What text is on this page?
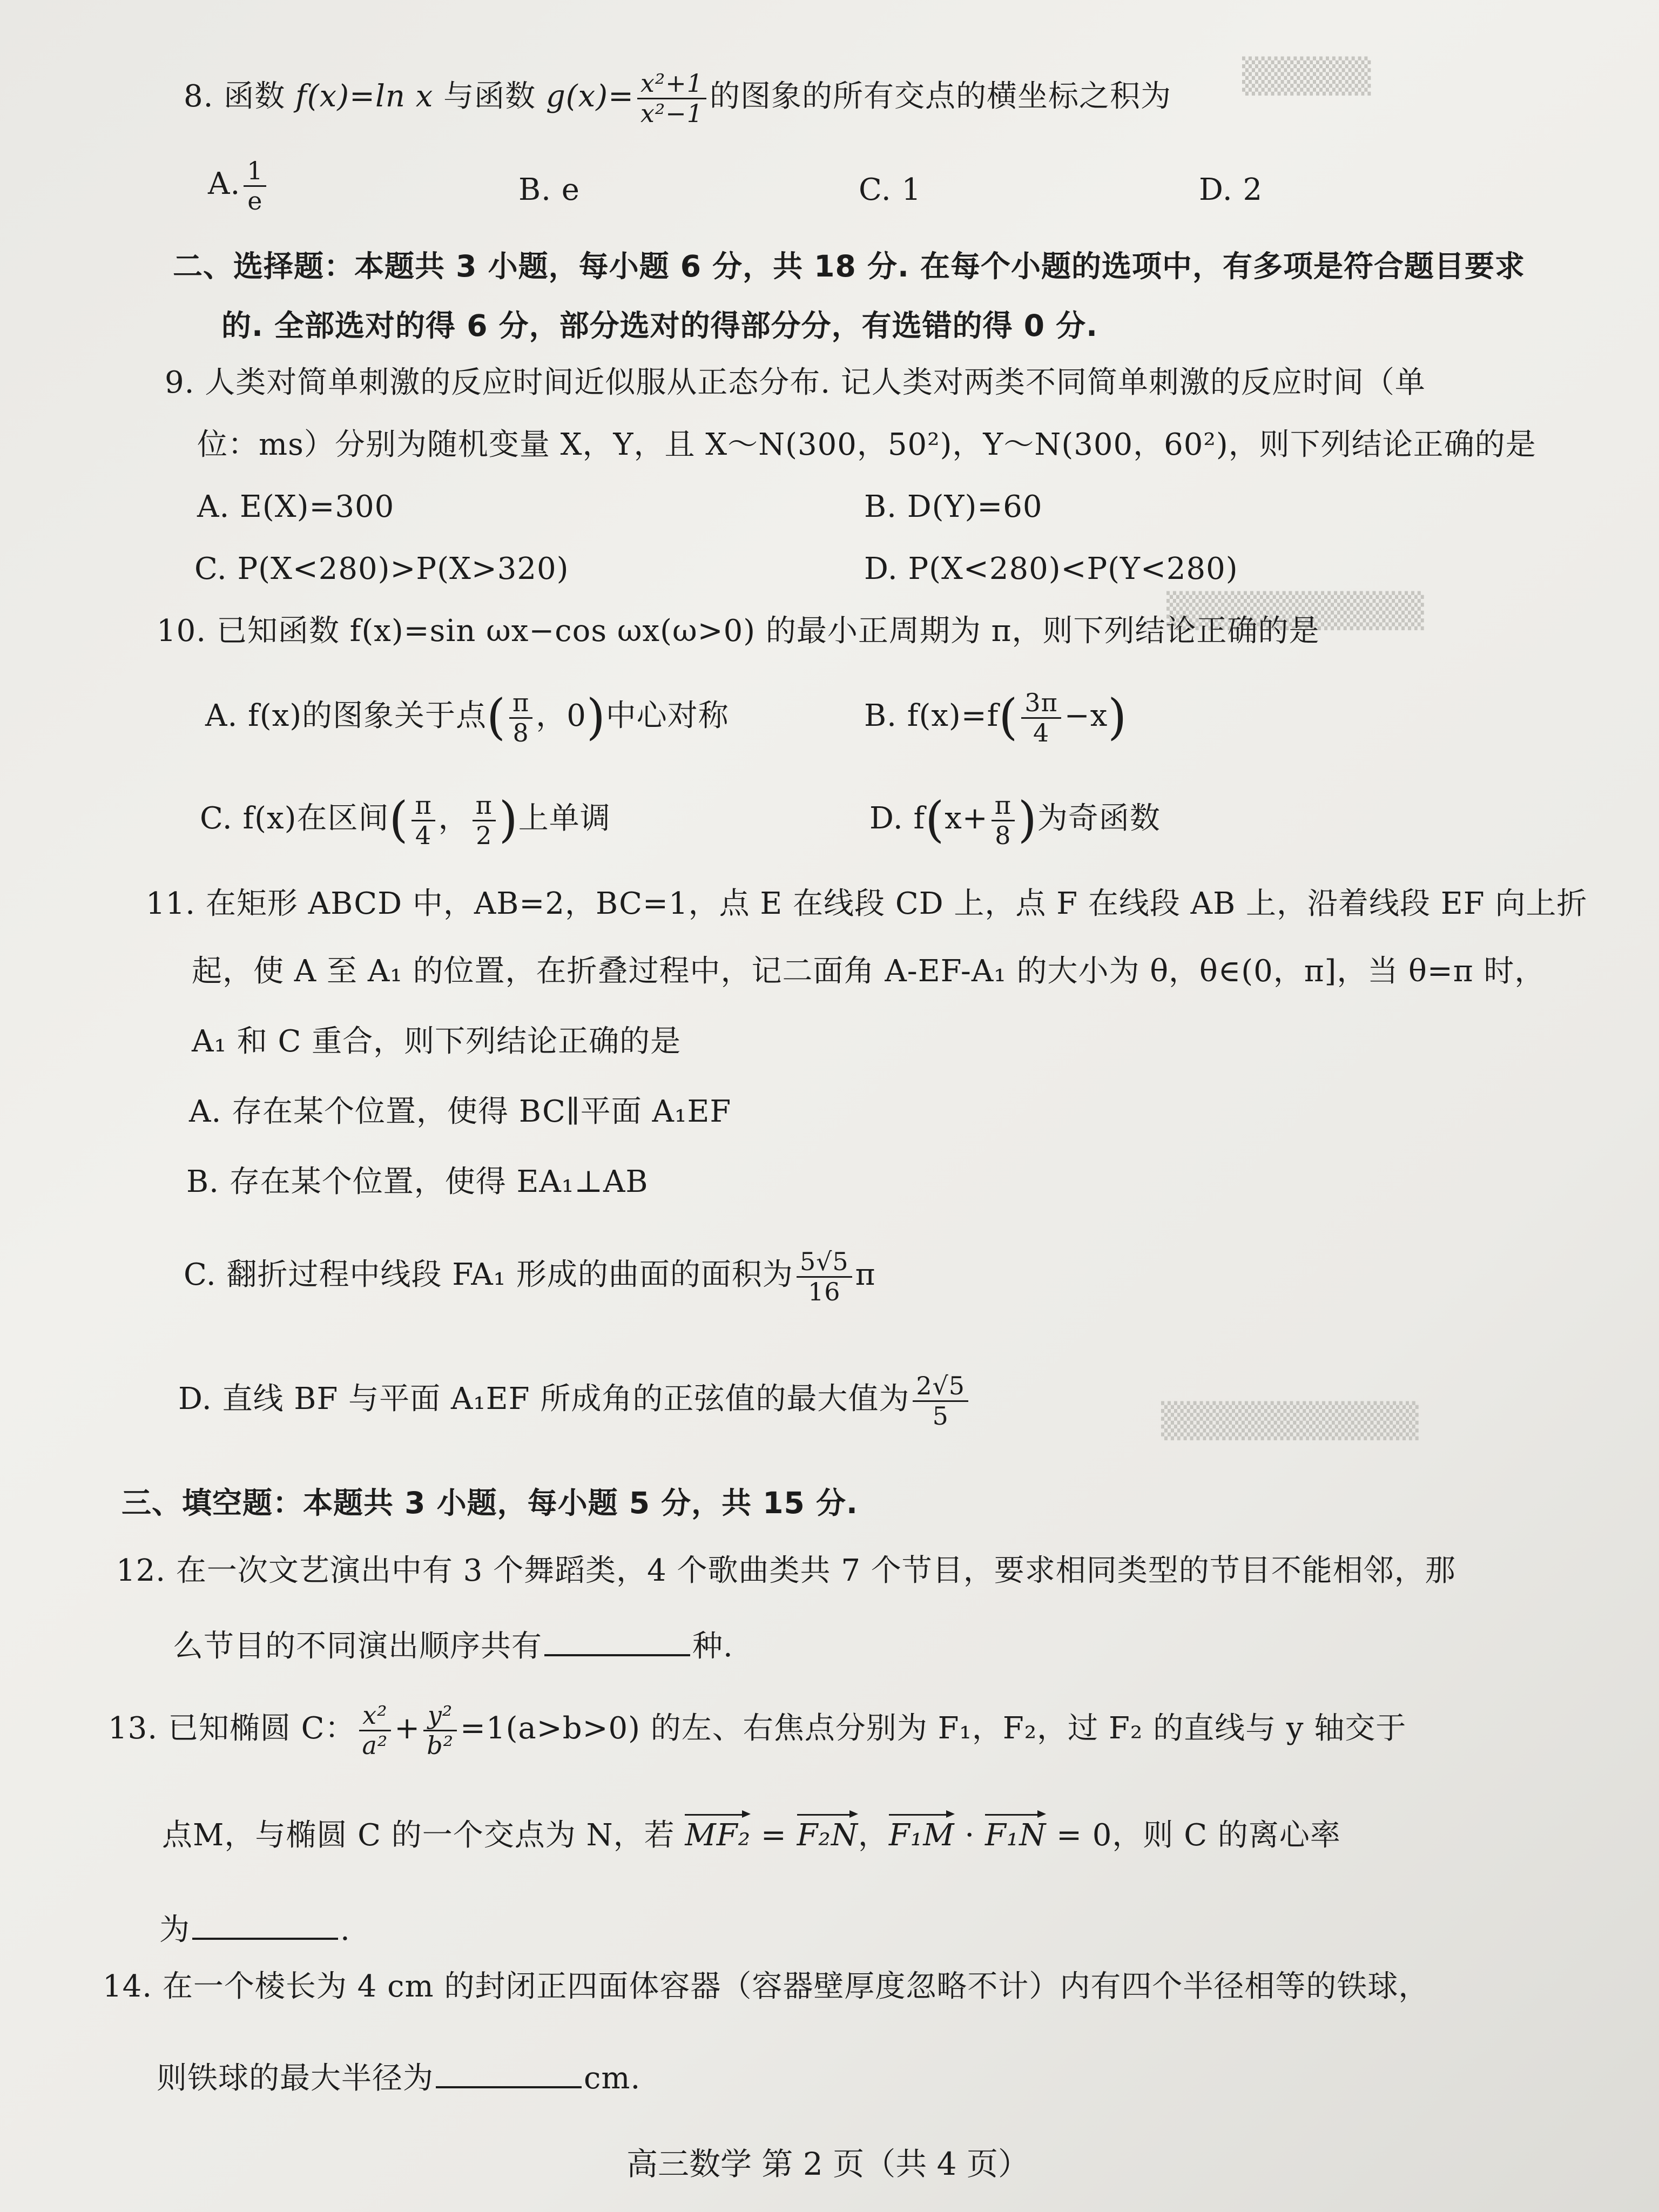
▒▒▒▒▒
▒▒▒▒▒▒▒▒▒▒
▒▒▒▒▒▒▒▒▒▒
8. 函数 f(x)=ln x 与函数 $g(x)= \frac{\text{x²+1}}{\text{x²−1}}$ 的图象的所有交点的横坐标之积为
A. $\frac{1}{e}$	B. e	C. 1	D. 2
二、选择题：本题共 3 小题，每小题 6 分，共 18 分. 在每个小题的选项中，有多项是符合题目要求
的. 全部选对的得 6 分，部分选对的得部分分，有选错的得 0 分.
9. 人类对简单刺激的反应时间近似服从正态分布. 记人类对两类不同简单刺激的反应时间（单
位：ms）分别为随机变量 X，Y，且 X～N(300，50²)，Y～N(300，60²)，则下列结论正确的是
A. E(X)=300	B. D(Y)=60
C. P(X<280)>P(X>320)	D. P(X<280)<P(Y<280)
10. 已知函数 f(x)=sin ωx−cos ωx(ω>0) 的最小正周期为 π，则下列结论正确的是
A. f(x)的图象关于点( $\frac{\pi}{8}$ ，0)中心对称	B. $f(x)=f( \frac{3\pi}{4} -x)$
C. f(x)在区间( $\frac{\pi}{4}$ ， $\frac{\pi}{2}$ )上单调	D. $f(x+ \frac{\pi}{8}$ )为奇函数
11. 在矩形 ABCD 中，AB=2，BC=1，点 E 在线段 CD 上，点 F 在线段 AB 上，沿着线段 EF 向上折
起，使 A 至 A₁ 的位置，在折叠过程中，记二面角 A-EF-A₁ 的大小为 θ，θ∈(0，π]，当 θ=π 时，
A₁ 和 C 重合，则下列结论正确的是
A. 存在某个位置，使得 BC∥平面 A₁EF
B. 存在某个位置，使得 EA₁⊥AB
C. 翻折过程中线段 FA₁ 形成的曲面的面积为 $\frac{5√5}{16}$ π
D. 直线 BF 与平面 A₁EF 所成角的正弦值的最大值为 $\frac{2√5}{5}$
三、填空题：本题共 3 小题，每小题 5 分，共 15 分.
12. 在一次文艺演出中有 3 个舞蹈类，4 个歌曲类共 7 个节目，要求相同类型的节目不能相邻，那
么节目的不同演出顺序共有	种.
13. 已知椭圆 C： $\frac{\text{x²}}{\text{a²}} + \frac{\text{y²}}{\text{b²}} =1(a>b>0)$ 的左、右焦点分别为 F₁，F₂，过 F₂ 的直线与 y 轴交于
点M，与椭圆 C 的一个交点为 N，若 MF₂ = F₂N，F₁M · F₁N = 0，则 C 的离心率
为	.
14. 在一个棱长为 4 cm 的封闭正四面体容器（容器壁厚度忽略不计）内有四个半径相等的铁球，
则铁球的最大半径为	cm.
高三数学 第 2 页（共 4 页）
